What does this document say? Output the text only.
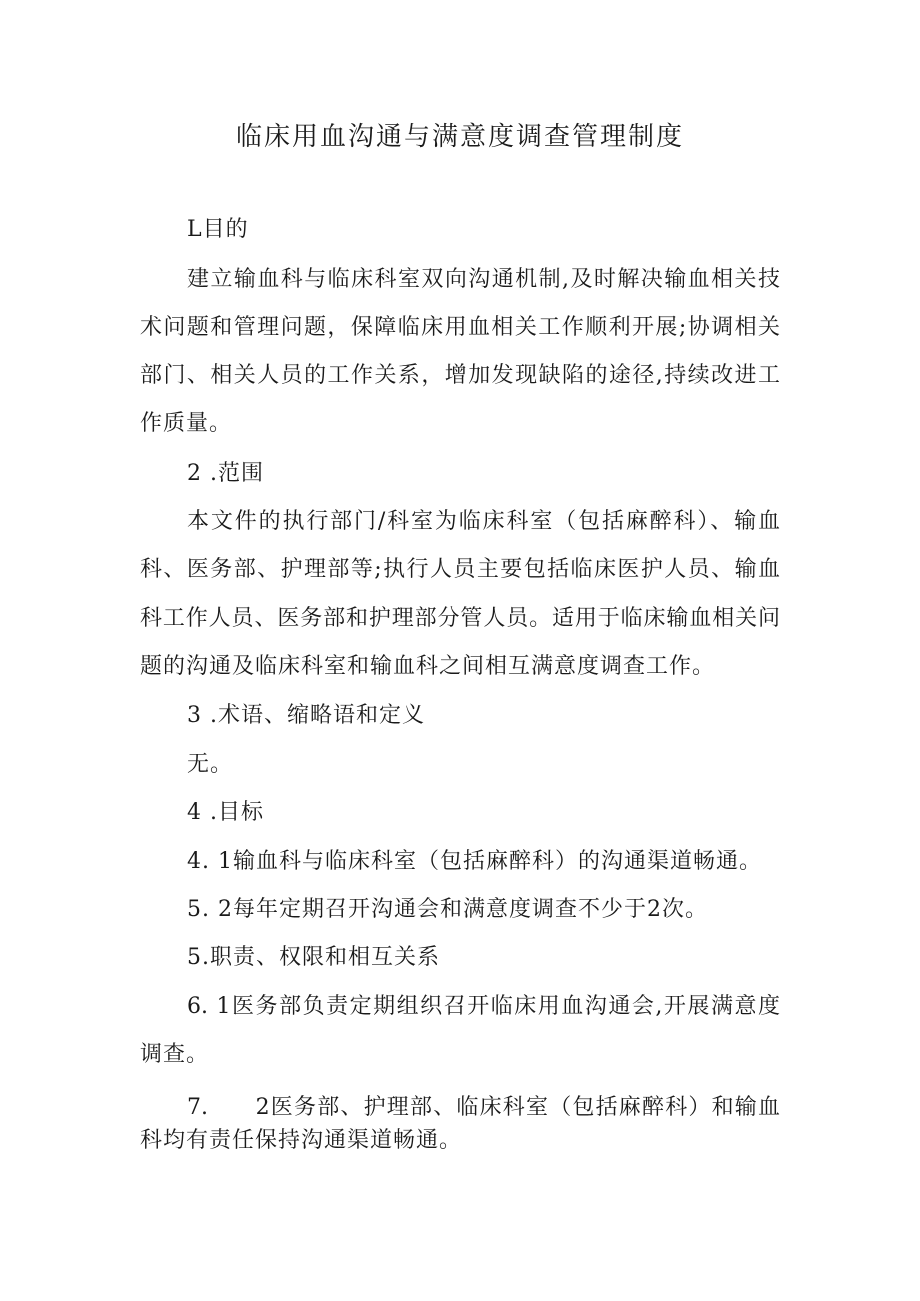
临床用血沟通与满意度调查管理制度
L目的
建立输血科与临床科室双向沟通机制,及时解决输血相关技
术问题和管理问题，保障临床用血相关工作顺利开展;协调相关
部门、相关人员的工作关系，增加发现缺陷的途径,持续改进工
作质量。
2 .范围
本文件的执行部门/科室为临床科室（包括麻醉科）、输血
科、医务部、护理部等;执行人员主要包括临床医护人员、输血
科工作人员、医务部和护理部分管人员。适用于临床输血相关问
题的沟通及临床科室和输血科之间相互满意度调查工作。
3 .术语、缩略语和定义
无。
4 .目标
4. 1输血科与临床科室（包括麻醉科）的沟通渠道畅通。
5. 2每年定期召开沟通会和满意度调查不少于2次。
5.职责、权限和相互关系
6. 1医务部负责定期组织召开临床用血沟通会,开展满意度
调查。
7.　　2医务部、护理部、临床科室（包括麻醉科）和输血
科均有责任保持沟通渠道畅通。
